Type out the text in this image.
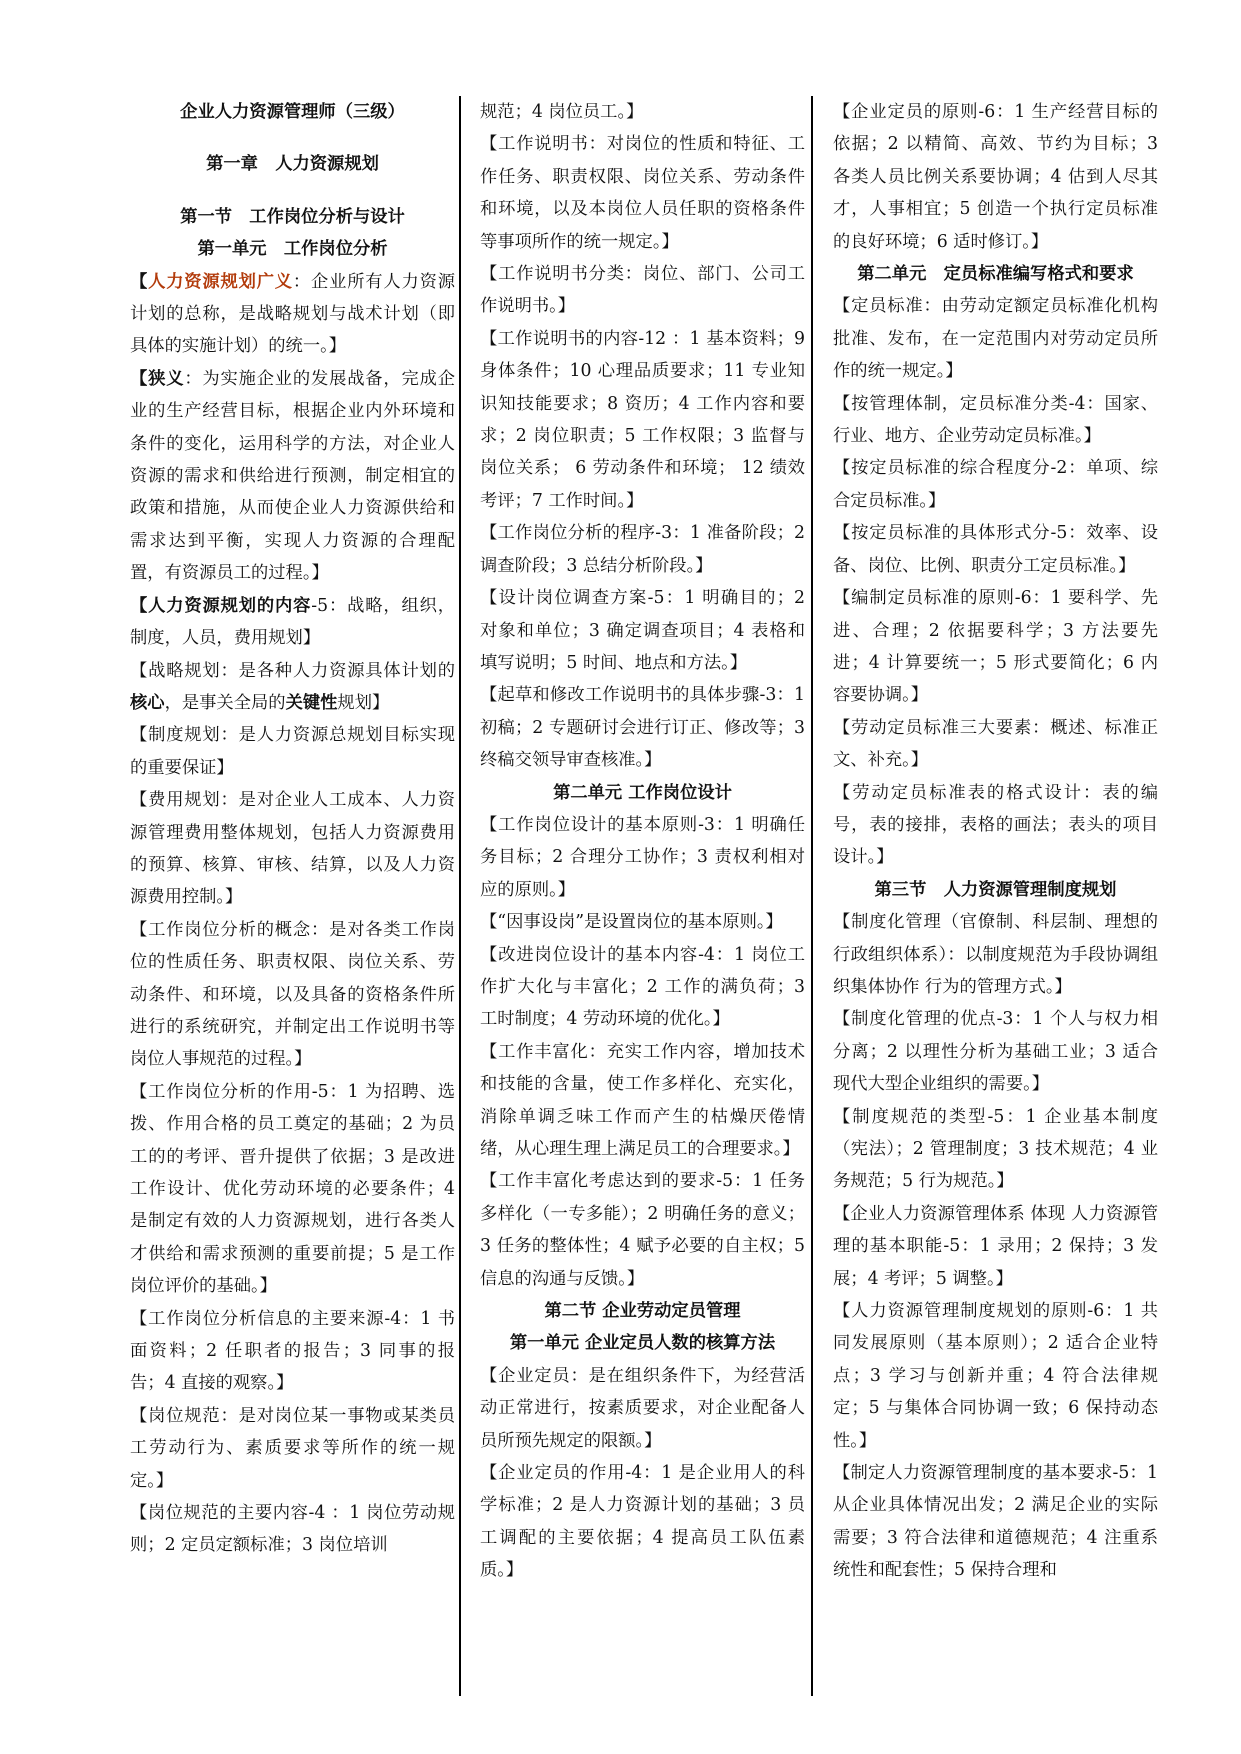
企业人力资源管理师（三级）

第一章　人力资源规划

第一节　工作岗位分析与设计

第一单元　工作岗位分析

【人力资源规划广义：企业所有人力资源计划的总称，是战略规划与战术计划（即具体的实施计划）的统一。】

【狭义：为实施企业的发展战备，完成企业的生产经营目标，根据企业内外环境和条件的变化，运用科学的方法，对企业人资源的需求和供给进行预测，制定相宜的政策和措施，从而使企业人力资源供给和需求达到平衡，实现人力资源的合理配置，有资源员工的过程。】

【人力资源规划的内容-5：战略，组织，制度，人员，费用规划】

【战略规划：是各种人力资源具体计划的核心，是事关全局的关键性规划】

【制度规划：是人力资源总规划目标实现的重要保证】

【费用规划：是对企业人工成本、人力资源管理费用整体规划，包括人力资源费用的预算、核算、审核、结算，以及人力资源费用控制。】

【工作岗位分析的概念：是对各类工作岗位的性质任务、职责权限、岗位关系、劳动条件、和环境，以及具备的资格条件所进行的系统研究，并制定出工作说明书等岗位人事规范的过程。】

【工作岗位分析的作用-5：1 为招聘、选拨、作用合格的员工奠定的基础；2 为员工的的考评、晋升提供了依据；3 是改进工作设计、优化劳动环境的必要条件；4 是制定有效的人力资源规划，进行各类人才供给和需求预测的重要前提；5 是工作岗位评价的基础。】

【工作岗位分析信息的主要来源-4：1 书面资料；2 任职者的报告；3 同事的报告；4 直接的观察。】

【岗位规范：是对岗位某一事物或某类员工劳动行为、素质要求等所作的统一规定。】

【岗位规范的主要内容-4 ：1 岗位劳动规则；2 定员定额标准；3 岗位培训

规范；4 岗位员工。】

【工作说明书：对岗位的性质和特征、工作任务、职责权限、岗位关系、劳动条件和环境，以及本岗位人员任职的资格条件等事项所作的统一规定。】

【工作说明书分类：岗位、部门、公司工作说明书。】

【工作说明书的内容-12 ：1 基本资料；9 身体条件；10 心理品质要求；11 专业知识知技能要求；8 资历；4 工作内容和要求；2 岗位职责；5 工作权限；3 监督与岗位关系； 6 劳动条件和环境； 12 绩效考评；7 工作时间。】

【工作岗位分析的程序-3：1 准备阶段；2 调查阶段；3 总结分析阶段。】

【设计岗位调查方案-5：1 明确目的；2 对象和单位；3 确定调查项目；4 表格和填写说明；5 时间、地点和方法。】

【起草和修改工作说明书的具体步骤-3：1 初稿；2 专题研讨会进行订正、修改等；3 终稿交领导审查核准。】

第二单元 工作岗位设计

【工作岗位设计的基本原则-3：1 明确任务目标；2 合理分工协作；3 责权利相对应的原则。】

【“因事设岗”是设置岗位的基本原则。】

【改进岗位设计的基本内容-4：1 岗位工作扩大化与丰富化；2 工作的满负荷；3 工时制度；4 劳动环境的优化。】

【工作丰富化：充实工作内容，增加技术和技能的含量，使工作多样化、充实化，消除单调乏味工作而产生的枯燥厌倦情绪，从心理生理上满足员工的合理要求。】

【工作丰富化考虑达到的要求-5：1 任务多样化（一专多能）；2 明确任务的意义；3 任务的整体性；4 赋予必要的自主权；5 信息的沟通与反馈。】

第二节 企业劳动定员管理

第一单元 企业定员人数的核算方法

【企业定员：是在组织条件下，为经营活动正常进行，按素质要求，对企业配备人员所预先规定的限额。】

【企业定员的作用-4：1 是企业用人的科学标准；2 是人力资源计划的基础；3 员工调配的主要依据；4 提高员工队伍素质。】

【企业定员的原则-6：1 生产经营目标的依据；2 以精简、高效、节约为目标；3 各类人员比例关系要协调；4 估到人尽其才，人事相宜；5 创造一个执行定员标准的良好环境；6 适时修订。】

第二单元　定员标准编写格式和要求

【定员标准：由劳动定额定员标准化机构批准、发布，在一定范围内对劳动定员所作的统一规定。】

【按管理体制，定员标准分类-4：国家、行业、地方、企业劳动定员标准。】

【按定员标准的综合程度分-2：单项、综合定员标准。】

【按定员标准的具体形式分-5：效率、设备、岗位、比例、职责分工定员标准。】

【编制定员标准的原则-6：1 要科学、先进、合理；2 依据要科学；3 方法要先进；4 计算要统一；5 形式要简化；6 内容要协调。】

【劳动定员标准三大要素：概述、标准正文、补充。】

【劳动定员标准表的格式设计：表的编号，表的接排，表格的画法；表头的项目设计。】

第三节　人力资源管理制度规划

【制度化管理（官僚制、科层制、理想的行政组织体系）：以制度规范为手段协调组织集体协作 行为的管理方式。】

【制度化管理的优点-3：1 个人与权力相分离；2 以理性分析为基础工业；3 适合现代大型企业组织的需要。】

【制度规范的类型-5：1 企业基本制度（宪法）；2 管理制度；3 技术规范；4 业务规范；5 行为规范。】

【企业人力资源管理体系 体现 人力资源管理的基本职能-5：1 录用；2 保持；3 发展；4 考评；5 调整。】

【人力资源管理制度规划的原则-6：1 共同发展原则（基本原则）；2 适合企业特点；3 学习与创新并重；4 符合法律规定；5 与集体合同协调一致；6 保持动态性。】

【制定人力资源管理制度的基本要求-5：1 从企业具体情况出发；2 满足企业的实际需要；3 符合法律和道德规范；4 注重系统性和配套性；5 保持合理和
